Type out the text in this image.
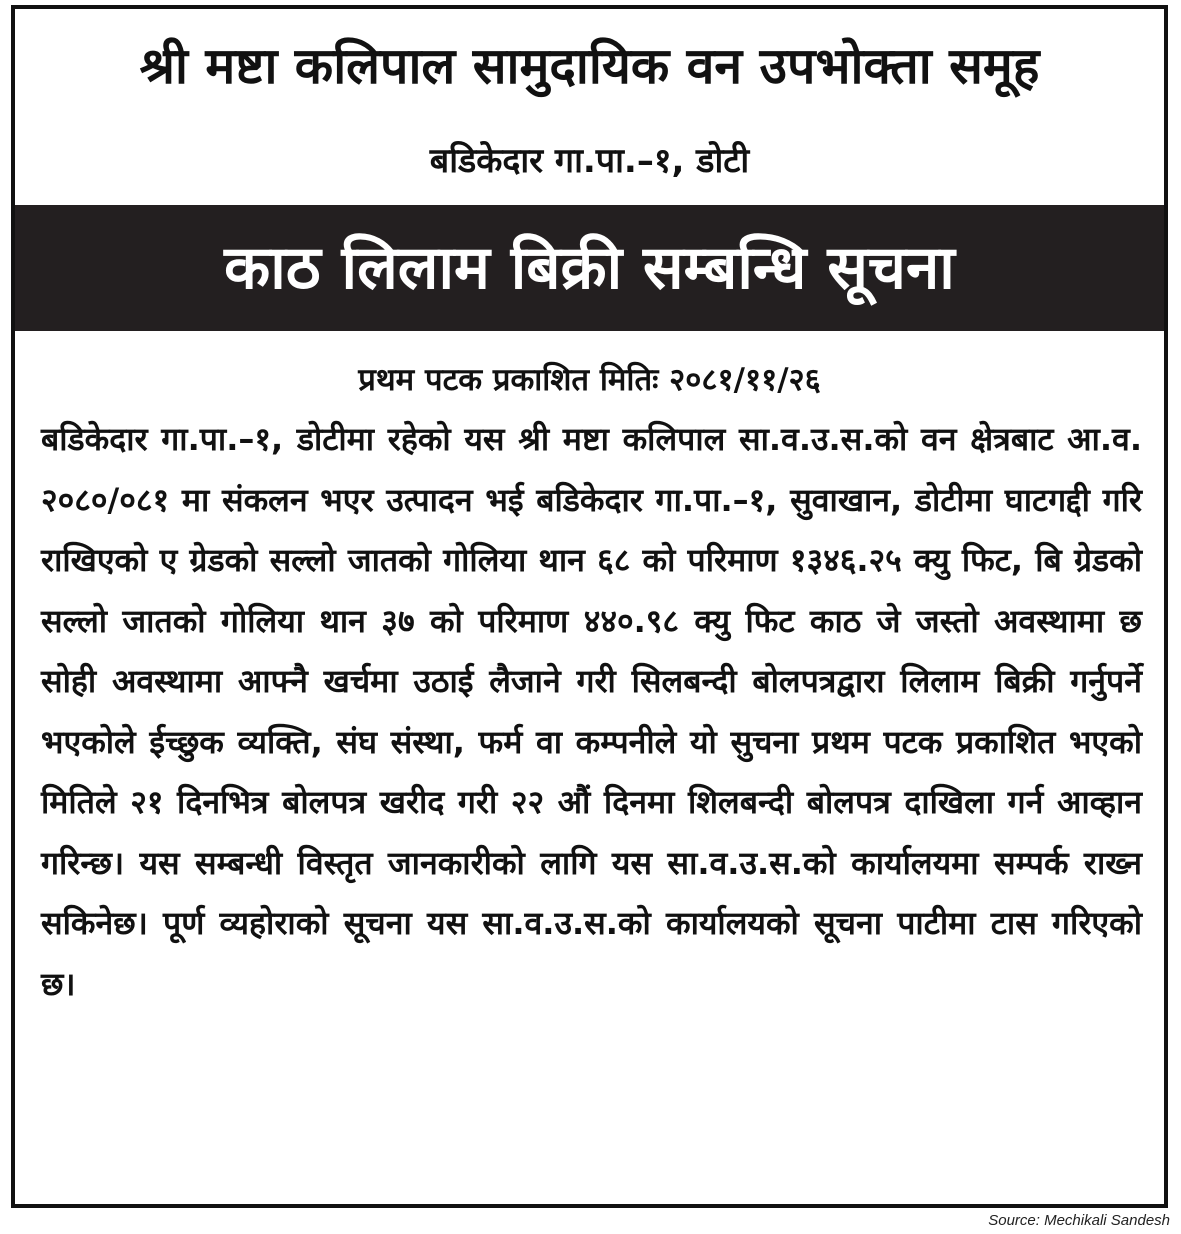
श्री मष्टा कलिपाल सामुदायिक वन उपभोक्ता समूह
बडिकेदार गा.पा.–१, डोटी
काठ लिलाम बिक्री सम्बन्धि सूचना
प्रथम पटक प्रकाशित मितिः २०८१/११/२६

बडिकेदार गा.पा.–१, डोटीमा रहेको यस श्री मष्टा कलिपाल सा.व.उ.स.को वन क्षेत्रबाट आ.व. २०८०/०८१ मा संकलन भएर उत्पादन भई बडिकेदार गा.पा.–१, सुवाखान, डोटीमा घाटगद्दी गरि राखिएको ए ग्रेडको सल्लो जातको गोलिया थान ६८ को परिमाण १३४६.२५ क्यु फिट, बि ग्रेडको सल्लो जातको गोलिया थान ३७ को परिमाण ४४०.९८ क्यु फिट काठ जे जस्तो अवस्थामा छ सोही अवस्थामा आफ्नै खर्चमा उठाई लैजाने गरी सिलबन्दी बोलपत्रद्वारा लिलाम बिक्री गर्नुपर्ने भएकोले ईच्छुक व्यक्ति, संघ संस्था, फर्म वा कम्पनीले यो सुचना प्रथम पटक प्रकाशित भएको मितिले २१ दिनभित्र बोलपत्र खरीद गरी २२ औं दिनमा शिलबन्दी बोलपत्र दाखिला गर्न आव्हान गरिन्छ। यस सम्बन्धी विस्तृत जानकारीको लागि यस सा.व.उ.स.को कार्यालयमा सम्पर्क राख्न सकिनेछ। पूर्ण व्यहोराको सूचना यस सा.व.उ.स.को कार्यालयको सूचना पाटीमा टास गरिएको छ।

Source: Mechikali Sandesh
